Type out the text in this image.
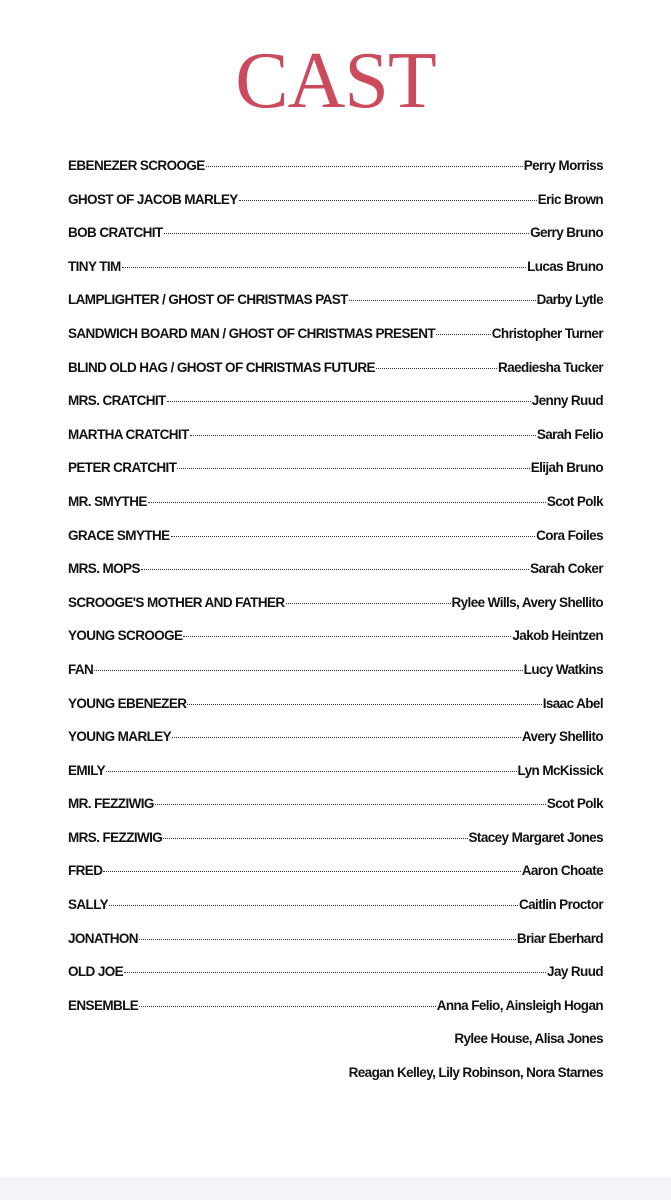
CAST
EBENEZER SCROOGE	Perry Morriss
GHOST OF JACOB MARLEY	Eric Brown
BOB CRATCHIT	Gerry Bruno
TINY TIM	Lucas Bruno
LAMPLIGHTER / GHOST OF CHRISTMAS PAST	Darby Lytle
SANDWICH BOARD MAN / GHOST OF CHRISTMAS PRESENT	Christopher Turner
BLIND OLD HAG / GHOST OF CHRISTMAS FUTURE	Raediesha Tucker
MRS. CRATCHIT	Jenny Ruud
MARTHA CRATCHIT	Sarah Felio
PETER CRATCHIT	Elijah Bruno
MR. SMYTHE	Scot Polk
GRACE SMYTHE	Cora Foiles
MRS. MOPS	Sarah Coker
SCROOGE'S MOTHER AND FATHER	Rylee Wills, Avery Shellito
YOUNG SCROOGE	Jakob Heintzen
FAN	Lucy Watkins
YOUNG EBENEZER	Isaac Abel
YOUNG MARLEY	Avery Shellito
EMILY	Lyn McKissick
MR. FEZZIWIG	Scot Polk
MRS. FEZZIWIG	Stacey Margaret Jones
FRED	Aaron Choate
SALLY	Caitlin Proctor
JONATHON	Briar Eberhard
OLD JOE	Jay Ruud
ENSEMBLE	Anna Felio, Ainsleigh Hogan
Rylee House, Alisa Jones
Reagan Kelley, Lily Robinson, Nora Starnes
